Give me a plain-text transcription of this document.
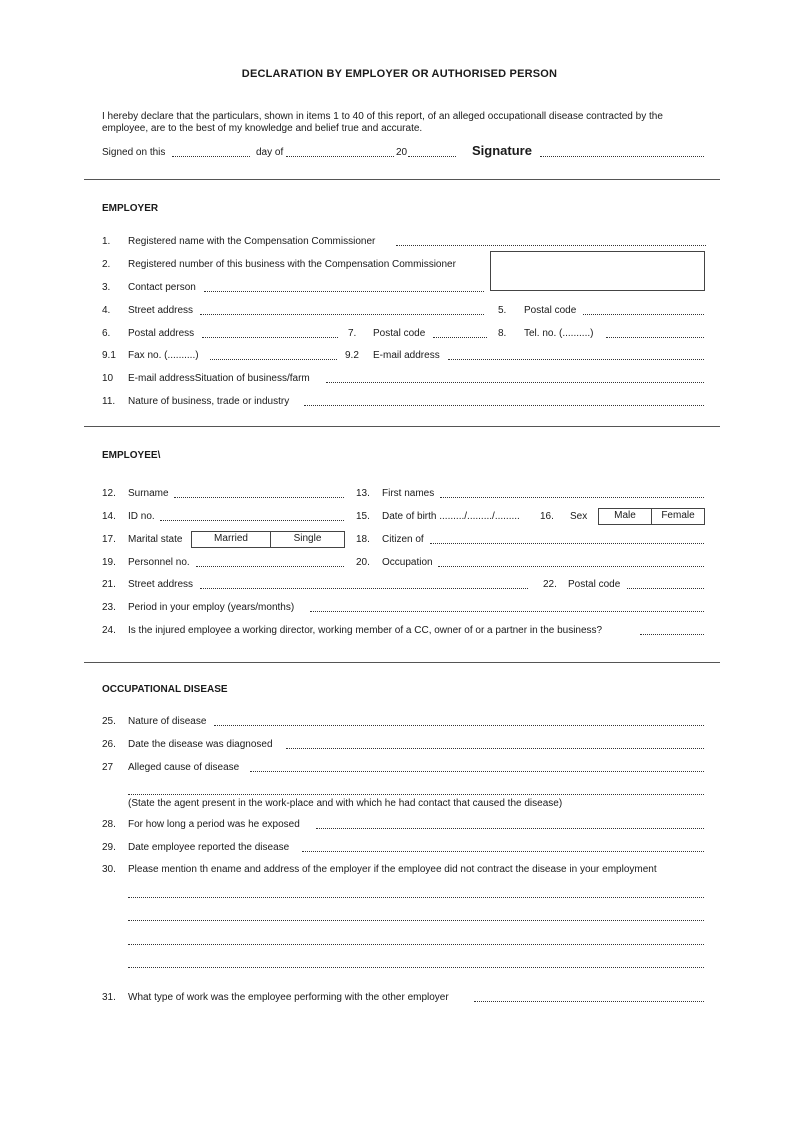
DECLARATION BY EMPLOYER OR AUTHORISED PERSON
I hereby declare that the particulars, shown in items 1 to 40 of this report, of an alleged occupationall disease contracted by the
employee, are to the best of my knowledge and belief true and accurate.
Signed on this	day of	20	Signature
EMPLOYER
1. Registered name with the Compensation Commissioner
2. Registered number of this business with the Compensation Commissioner
3. Contact person
4. Street address	5. Postal code
6. Postal address	7. Postal code	8. Tel. no. (..........)
9.1 Fax no. (..........)	9.2 E-mail address
10 E-mail addressSituation of business/farm
11. Nature of business, trade or industry
EMPLOYEE\
12. Surname	13. First names
14. ID no.	15. Date of birth ........./........./......... 16. Sex	Male	Female
17. Marital state	Married	Single	18. Citizen of
19. Personnel no.	20. Occupation
21. Street address	22. Postal code
23. Period in your employ (years/months)
24. Is the injured employee a working director, working member of a CC, owner of or a partner in the business?
OCCUPATIONAL DISEASE
25. Nature of disease
26. Date the disease was diagnosed
27 Alleged cause of disease
(State the agent present in the work-place and with which he had contact that caused the disease)
28. For how long a period was he exposed
29. Date employee reported the disease
30. Please mention th ename and address of the employer if the employee did not contract the disease in your employment
31. What type of work was the employee performing with the other employer
